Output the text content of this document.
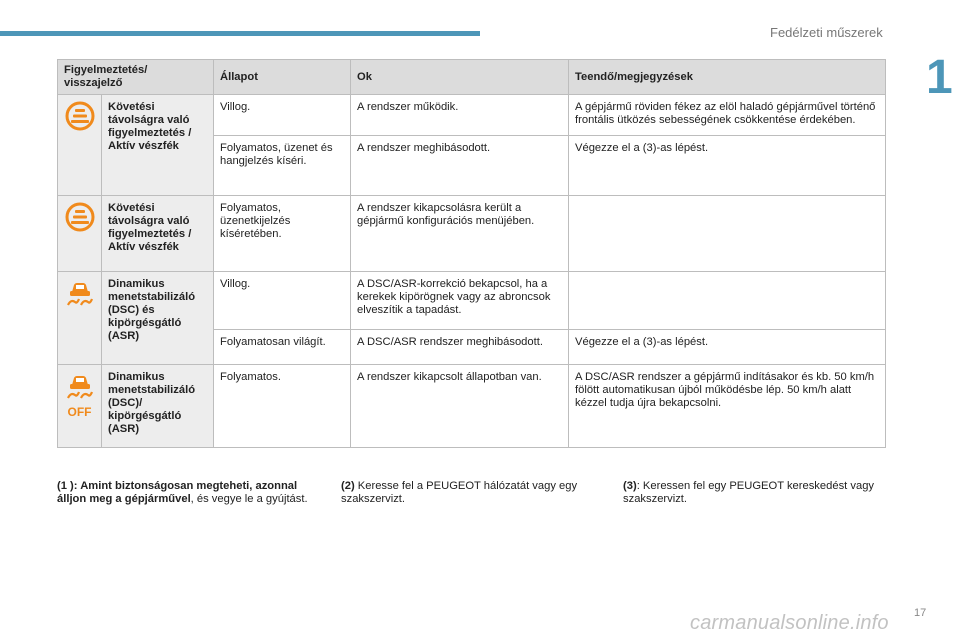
Fedélzeti műszerek
1
Figyelmeztetés/ visszajelző		Állapot	Ok	Teendő/megjegyzések
	Követési távolságra való figyelmeztetés / Aktív vészfék	Villog.	A rendszer működik.	A gépjármű röviden fékez az elöl haladó gépjárművel történő frontális ütközés sebességének csökkentése érdekében.
		Folyamatos, üzenet és hangjelzés kíséri.	A rendszer meghibásodott.	Végezze el a (3)-as lépést.
	Követési távolságra való figyelmeztetés / Aktív vészfék	Folyamatos, üzenetkijelzés kíséretében.	A rendszer kikapcsolásra került a gépjármű konfigurációs menüjében.	
	Dinamikus menetstabilizáló (DSC) és kipörgésgátló (ASR)	Villog.	A DSC/ASR-korrekció bekapcsol, ha a kerekek kipörögnek vagy az abroncsok elveszítik a tapadást.	
		Folyamatosan világít.	A DSC/ASR rendszer meghibásodott.	Végezze el a (3)-as lépést.

OFF	Dinamikus menetstabilizáló (DSC)/ kipörgésgátló (ASR)	Folyamatos.	A rendszer kikapcsolt állapotban van.	A DSC/ASR rendszer a gépjármű indításakor és kb. 50 km/h fölött automatikusan újból működésbe lép. 50 km/h alatt kézzel tudja újra bekapcsolni.
(1 ): Amint biztonságosan megteheti, azonnal álljon meg a gépjárművel, és vegye le a gyújtást.
(2) Keresse fel a PEUGEOT hálózatát vagy egy szakszervizt.
(3): Keressen fel egy PEUGEOT kereskedést vagy szakszervizt.
carmanualsonline.info 17
